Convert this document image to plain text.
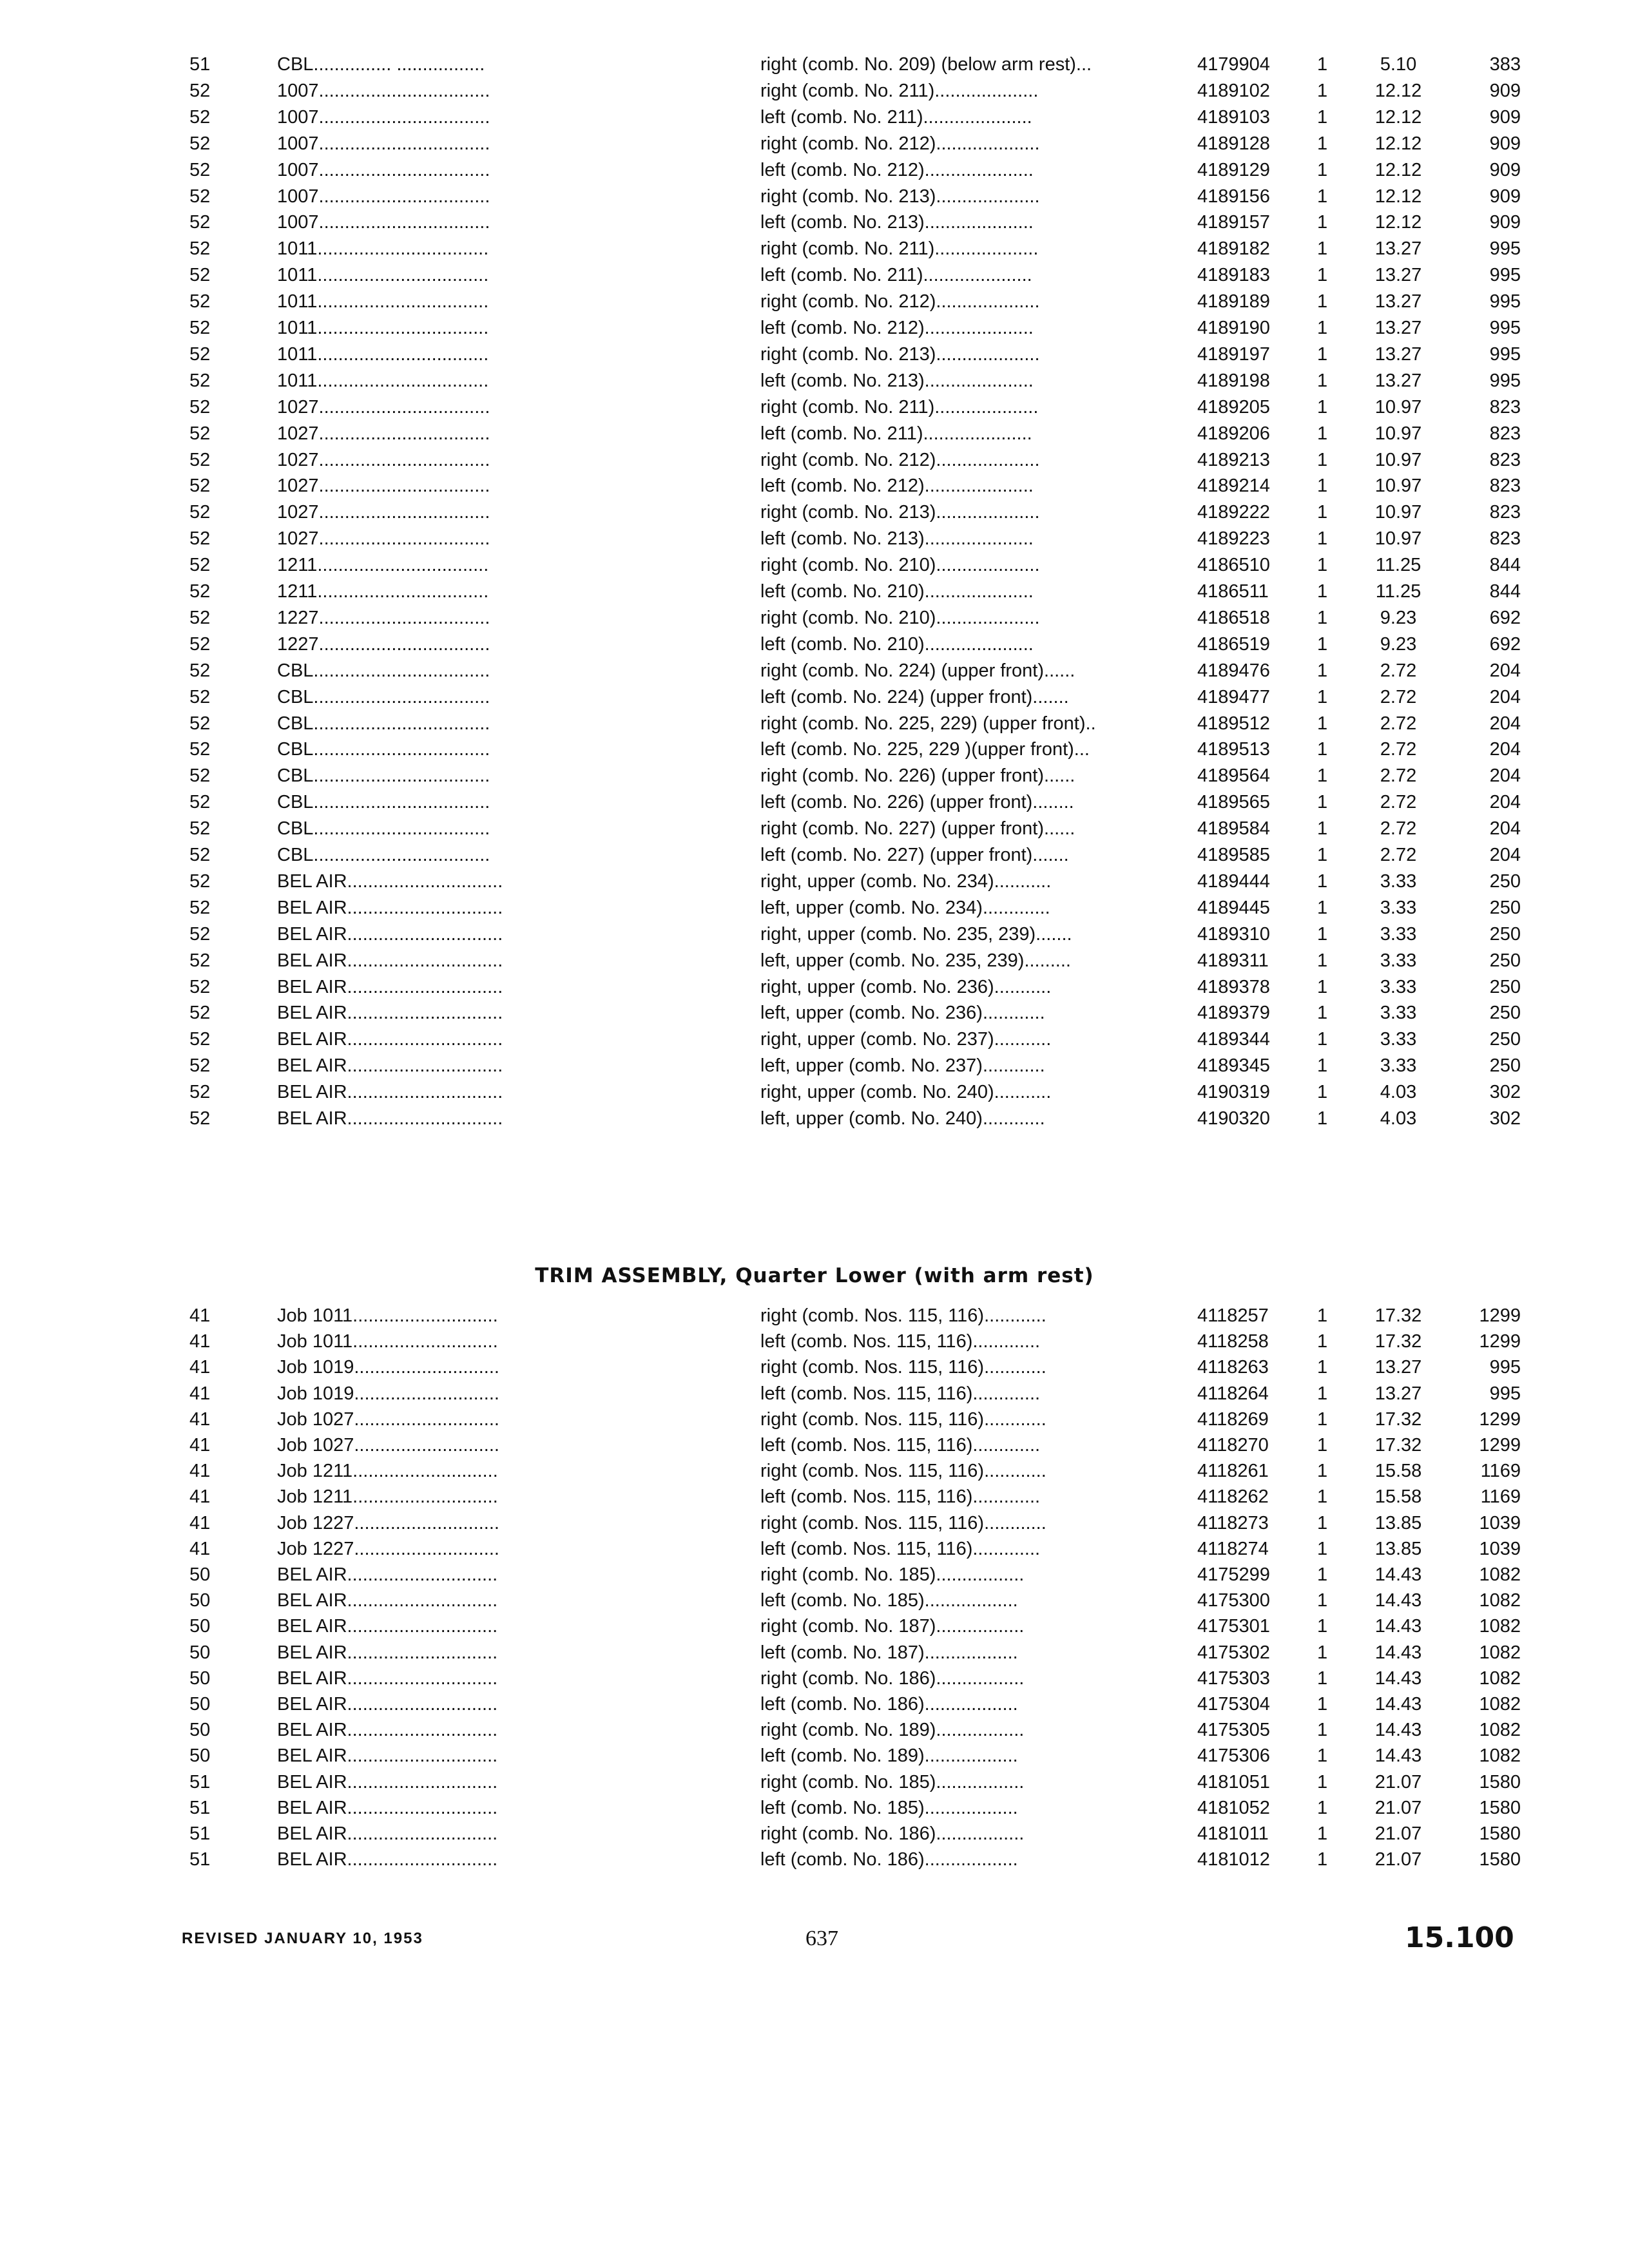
51	CBL............... .................	right (comb. No. 209) (below arm rest)...	4179904	1	5.10	383
52	1007.................................	right (comb. No. 211)....................	4189102	1	12.12	909
52	1007.................................	left (comb. No. 211).....................	4189103	1	12.12	909
52	1007.................................	right (comb. No. 212)....................	4189128	1	12.12	909
52	1007.................................	left (comb. No. 212).....................	4189129	1	12.12	909
52	1007.................................	right (comb. No. 213)....................	4189156	1	12.12	909
52	1007.................................	left (comb. No. 213).....................	4189157	1	12.12	909
52	1011.................................	right (comb. No. 211)....................	4189182	1	13.27	995
52	1011.................................	left (comb. No. 211).....................	4189183	1	13.27	995
52	1011.................................	right (comb. No. 212)....................	4189189	1	13.27	995
52	1011.................................	left (comb. No. 212).....................	4189190	1	13.27	995
52	1011.................................	right (comb. No. 213)....................	4189197	1	13.27	995
52	1011.................................	left (comb. No. 213).....................	4189198	1	13.27	995
52	1027.................................	right (comb. No. 211)....................	4189205	1	10.97	823
52	1027.................................	left (comb. No. 211).....................	4189206	1	10.97	823
52	1027.................................	right (comb. No. 212)....................	4189213	1	10.97	823
52	1027.................................	left (comb. No. 212).....................	4189214	1	10.97	823
52	1027.................................	right (comb. No. 213)....................	4189222	1	10.97	823
52	1027.................................	left (comb. No. 213).....................	4189223	1	10.97	823
52	1211.................................	right (comb. No. 210)....................	4186510	1	11.25	844
52	1211.................................	left (comb. No. 210).....................	4186511	1	11.25	844
52	1227.................................	right (comb. No. 210)....................	4186518	1	9.23	692
52	1227.................................	left (comb. No. 210).....................	4186519	1	9.23	692
52	CBL..................................	right (comb. No. 224) (upper front)......	4189476	1	2.72	204
52	CBL..................................	left (comb. No. 224) (upper front).......	4189477	1	2.72	204
52	CBL..................................	right (comb. No. 225, 229) (upper front)..	4189512	1	2.72	204
52	CBL..................................	left (comb. No. 225, 229 )(upper front)...	4189513	1	2.72	204
52	CBL..................................	right (comb. No. 226) (upper front)......	4189564	1	2.72	204
52	CBL..................................	left (comb. No. 226) (upper front)........	4189565	1	2.72	204
52	CBL..................................	right (comb. No. 227) (upper front)......	4189584	1	2.72	204
52	CBL..................................	left (comb. No. 227) (upper front).......	4189585	1	2.72	204
52	BEL AIR..............................	right, upper (comb. No. 234)...........	4189444	1	3.33	250
52	BEL AIR..............................	left, upper (comb. No. 234).............	4189445	1	3.33	250
52	BEL AIR..............................	right, upper (comb. No. 235, 239).......	4189310	1	3.33	250
52	BEL AIR..............................	left, upper (comb. No. 235, 239).........	4189311	1	3.33	250
52	BEL AIR..............................	right, upper (comb. No. 236)...........	4189378	1	3.33	250
52	BEL AIR..............................	left, upper (comb. No. 236)............	4189379	1	3.33	250
52	BEL AIR..............................	right, upper (comb. No. 237)...........	4189344	1	3.33	250
52	BEL AIR..............................	left, upper (comb. No. 237)............	4189345	1	3.33	250
52	BEL AIR..............................	right, upper (comb. No. 240)...........	4190319	1	4.03	302
52	BEL AIR..............................	left, upper (comb. No. 240)............	4190320	1	4.03	302
TRIM ASSEMBLY, Quarter Lower (with arm rest)
41	Job 1011............................	right (comb. Nos. 115, 116)............	4118257	1	17.32	1299
41	Job 1011............................	left (comb. Nos. 115, 116).............	4118258	1	17.32	1299
41	Job 1019............................	right (comb. Nos. 115, 116)............	4118263	1	13.27	995
41	Job 1019............................	left (comb. Nos. 115, 116).............	4118264	1	13.27	995
41	Job 1027............................	right (comb. Nos. 115, 116)............	4118269	1	17.32	1299
41	Job 1027............................	left (comb. Nos. 115, 116).............	4118270	1	17.32	1299
41	Job 1211............................	right (comb. Nos. 115, 116)............	4118261	1	15.58	1169
41	Job 1211............................	left (comb. Nos. 115, 116).............	4118262	1	15.58	1169
41	Job 1227............................	right (comb. Nos. 115, 116)............	4118273	1	13.85	1039
41	Job 1227............................	left (comb. Nos. 115, 116).............	4118274	1	13.85	1039
50	BEL AIR.............................	right (comb. No. 185).................	4175299	1	14.43	1082
50	BEL AIR.............................	left (comb. No. 185)..................	4175300	1	14.43	1082
50	BEL AIR.............................	right (comb. No. 187).................	4175301	1	14.43	1082
50	BEL AIR.............................	left (comb. No. 187)..................	4175302	1	14.43	1082
50	BEL AIR.............................	right (comb. No. 186).................	4175303	1	14.43	1082
50	BEL AIR.............................	left (comb. No. 186)..................	4175304	1	14.43	1082
50	BEL AIR.............................	right (comb. No. 189).................	4175305	1	14.43	1082
50	BEL AIR.............................	left (comb. No. 189)..................	4175306	1	14.43	1082
51	BEL AIR.............................	right (comb. No. 185).................	4181051	1	21.07	1580
51	BEL AIR.............................	left (comb. No. 185)..................	4181052	1	21.07	1580
51	BEL AIR.............................	right (comb. No. 186).................	4181011	1	21.07	1580
51	BEL AIR.............................	left (comb. No. 186)..................	4181012	1	21.07	1580
REVISED JANUARY 10, 1953	637	15.100
